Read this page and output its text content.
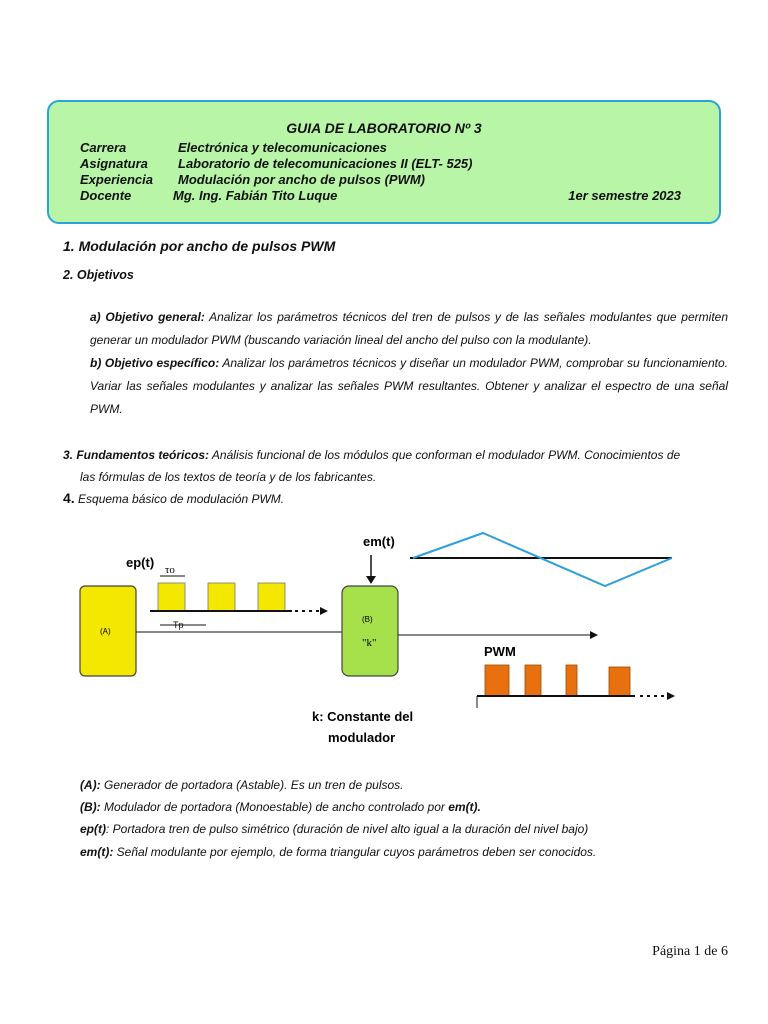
GUIA DE LABORATORIO Nº 3
Carrera	Electrónica y telecomunicaciones
Asignatura Laboratorio de telecomunicaciones II (ELT- 525)
Experiencia Modulación por ancho de pulsos (PWM)
Docente	Mg. Ing. Fabián Tito Luque	1er semestre 2023
1. Modulación por ancho de pulsos PWM
2. Objetivos
a) Objetivo general: Analizar los parámetros técnicos del tren de pulsos y de las señales modulantes que permiten generar un modulador PWM (buscando variación lineal del ancho del pulso con la modulante).
b) Objetivo específico: Analizar los parámetros técnicos y diseñar un modulador PWM, comprobar su funcionamiento. Variar las señales modulantes y analizar las señales PWM resultantes. Obtener y analizar el espectro de una señal PWM.
3. Fundamentos teóricos: Análisis funcional de los módulos que conforman el modulador PWM. Conocimientos de
las fórmulas de los textos de teoría y de los fabricantes.
4. Esquema básico de modulación PWM.
em(t)
ep(t) τo
Tp
(A)
(B)
"k"
PWM
k: Constante del
modulador
(A): Generador de portadora (Astable). Es un tren de pulsos.
(B): Modulador de portadora (Monoestable) de ancho controlado por em(t).
ep(t): Portadora tren de pulso simétrico (duración de nivel alto igual a la duración del nivel bajo)
em(t): Señal modulante por ejemplo, de forma triangular cuyos parámetros deben ser conocidos.
Página 1 de 6
